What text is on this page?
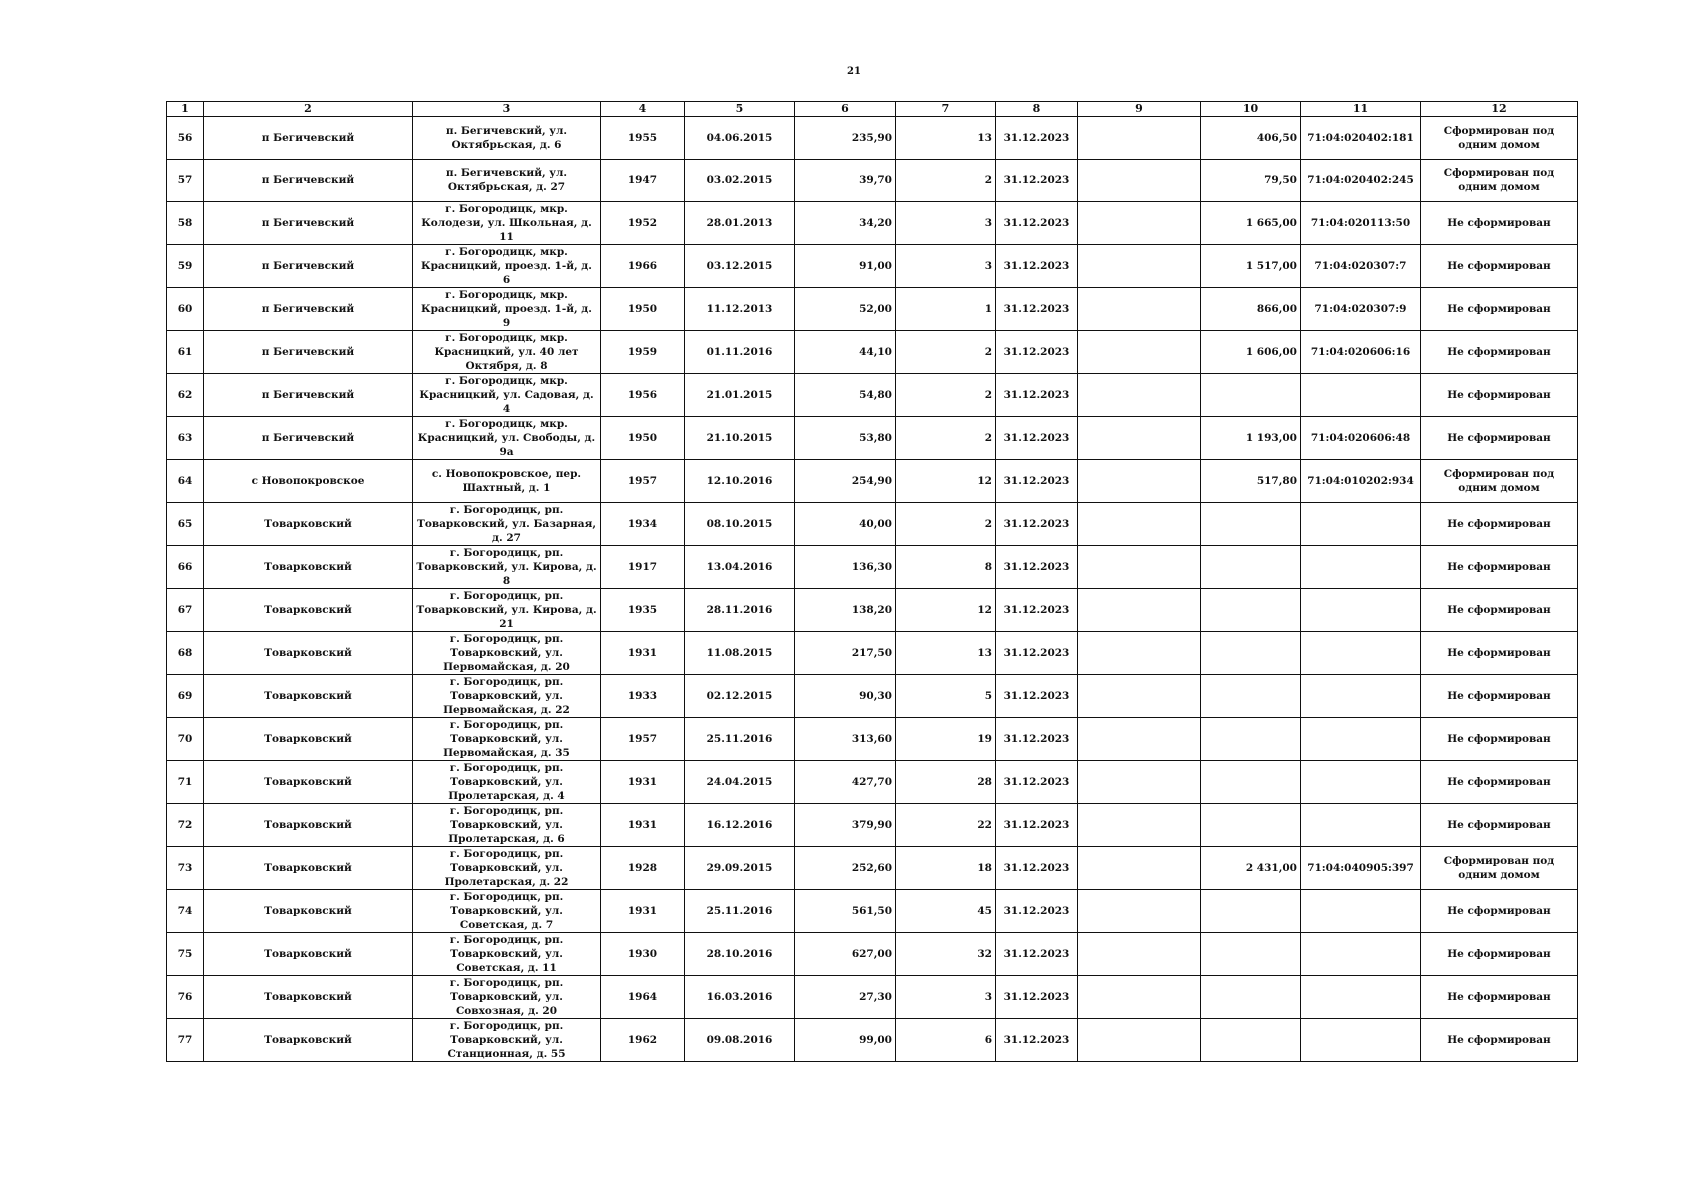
21
1	2	3	4	5	6	7	8	9	10	11	12
56	п Бегичевский	п. Бегичевский, ул. Октябрьская, д. 6	1955	04.06.2015	235,90	13	31.12.2023		406,50	71:04:020402:181	Сформирован под одним домом
57	п Бегичевский	п. Бегичевский, ул. Октябрьская, д. 27	1947	03.02.2015	39,70	2	31.12.2023		79,50	71:04:020402:245	Сформирован под одним домом
58	п Бегичевский	г. Богородицк, мкр. Колодези, ул. Школьная, д. 11	1952	28.01.2013	34,20	3	31.12.2023		1 665,00	71:04:020113:50	Не сформирован
59	п Бегичевский	г. Богородицк, мкр. Красницкий, проезд. 1-й, д. 6	1966	03.12.2015	91,00	3	31.12.2023		1 517,00	71:04:020307:7	Не сформирован
60	п Бегичевский	г. Богородицк, мкр. Красницкий, проезд. 1-й, д. 9	1950	11.12.2013	52,00	1	31.12.2023		866,00	71:04:020307:9	Не сформирован
61	п Бегичевский	г. Богородицк, мкр. Красницкий, ул. 40 лет Октября, д. 8	1959	01.11.2016	44,10	2	31.12.2023		1 606,00	71:04:020606:16	Не сформирован
62	п Бегичевский	г. Богородицк, мкр. Красницкий, ул. Садовая, д. 4	1956	21.01.2015	54,80	2	31.12.2023				Не сформирован
63	п Бегичевский	г. Богородицк, мкр. Красницкий, ул. Свободы, д. 9а	1950	21.10.2015	53,80	2	31.12.2023		1 193,00	71:04:020606:48	Не сформирован
64	с Новопокровское	с. Новопокровское, пер. Шахтный, д. 1	1957	12.10.2016	254,90	12	31.12.2023		517,80	71:04:010202:934	Сформирован под одним домом
65	Товарковский	г. Богородицк, рп. Товарковский, ул. Базарная, д. 27	1934	08.10.2015	40,00	2	31.12.2023				Не сформирован
66	Товарковский	г. Богородицк, рп. Товарковский, ул. Кирова, д. 8	1917	13.04.2016	136,30	8	31.12.2023				Не сформирован
67	Товарковский	г. Богородицк, рп. Товарковский, ул. Кирова, д. 21	1935	28.11.2016	138,20	12	31.12.2023				Не сформирован
68	Товарковский	г. Богородицк, рп. Товарковский, ул. Первомайская, д. 20	1931	11.08.2015	217,50	13	31.12.2023				Не сформирован
69	Товарковский	г. Богородицк, рп. Товарковский, ул. Первомайская, д. 22	1933	02.12.2015	90,30	5	31.12.2023				Не сформирован
70	Товарковский	г. Богородицк, рп. Товарковский, ул. Первомайская, д. 35	1957	25.11.2016	313,60	19	31.12.2023				Не сформирован
71	Товарковский	г. Богородицк, рп. Товарковский, ул. Пролетарская, д. 4	1931	24.04.2015	427,70	28	31.12.2023				Не сформирован
72	Товарковский	г. Богородицк, рп. Товарковский, ул. Пролетарская, д. 6	1931	16.12.2016	379,90	22	31.12.2023				Не сформирован
73	Товарковский	г. Богородицк, рп. Товарковский, ул. Пролетарская, д. 22	1928	29.09.2015	252,60	18	31.12.2023		2 431,00	71:04:040905:397	Сформирован под одним домом
74	Товарковский	г. Богородицк, рп. Товарковский, ул. Советская, д. 7	1931	25.11.2016	561,50	45	31.12.2023				Не сформирован
75	Товарковский	г. Богородицк, рп. Товарковский, ул. Советская, д. 11	1930	28.10.2016	627,00	32	31.12.2023				Не сформирован
76	Товарковский	г. Богородицк, рп. Товарковский, ул. Совхозная, д. 20	1964	16.03.2016	27,30	3	31.12.2023				Не сформирован
77	Товарковский	г. Богородицк, рп. Товарковский, ул. Станционная, д. 55	1962	09.08.2016	99,00	6	31.12.2023				Не сформирован
